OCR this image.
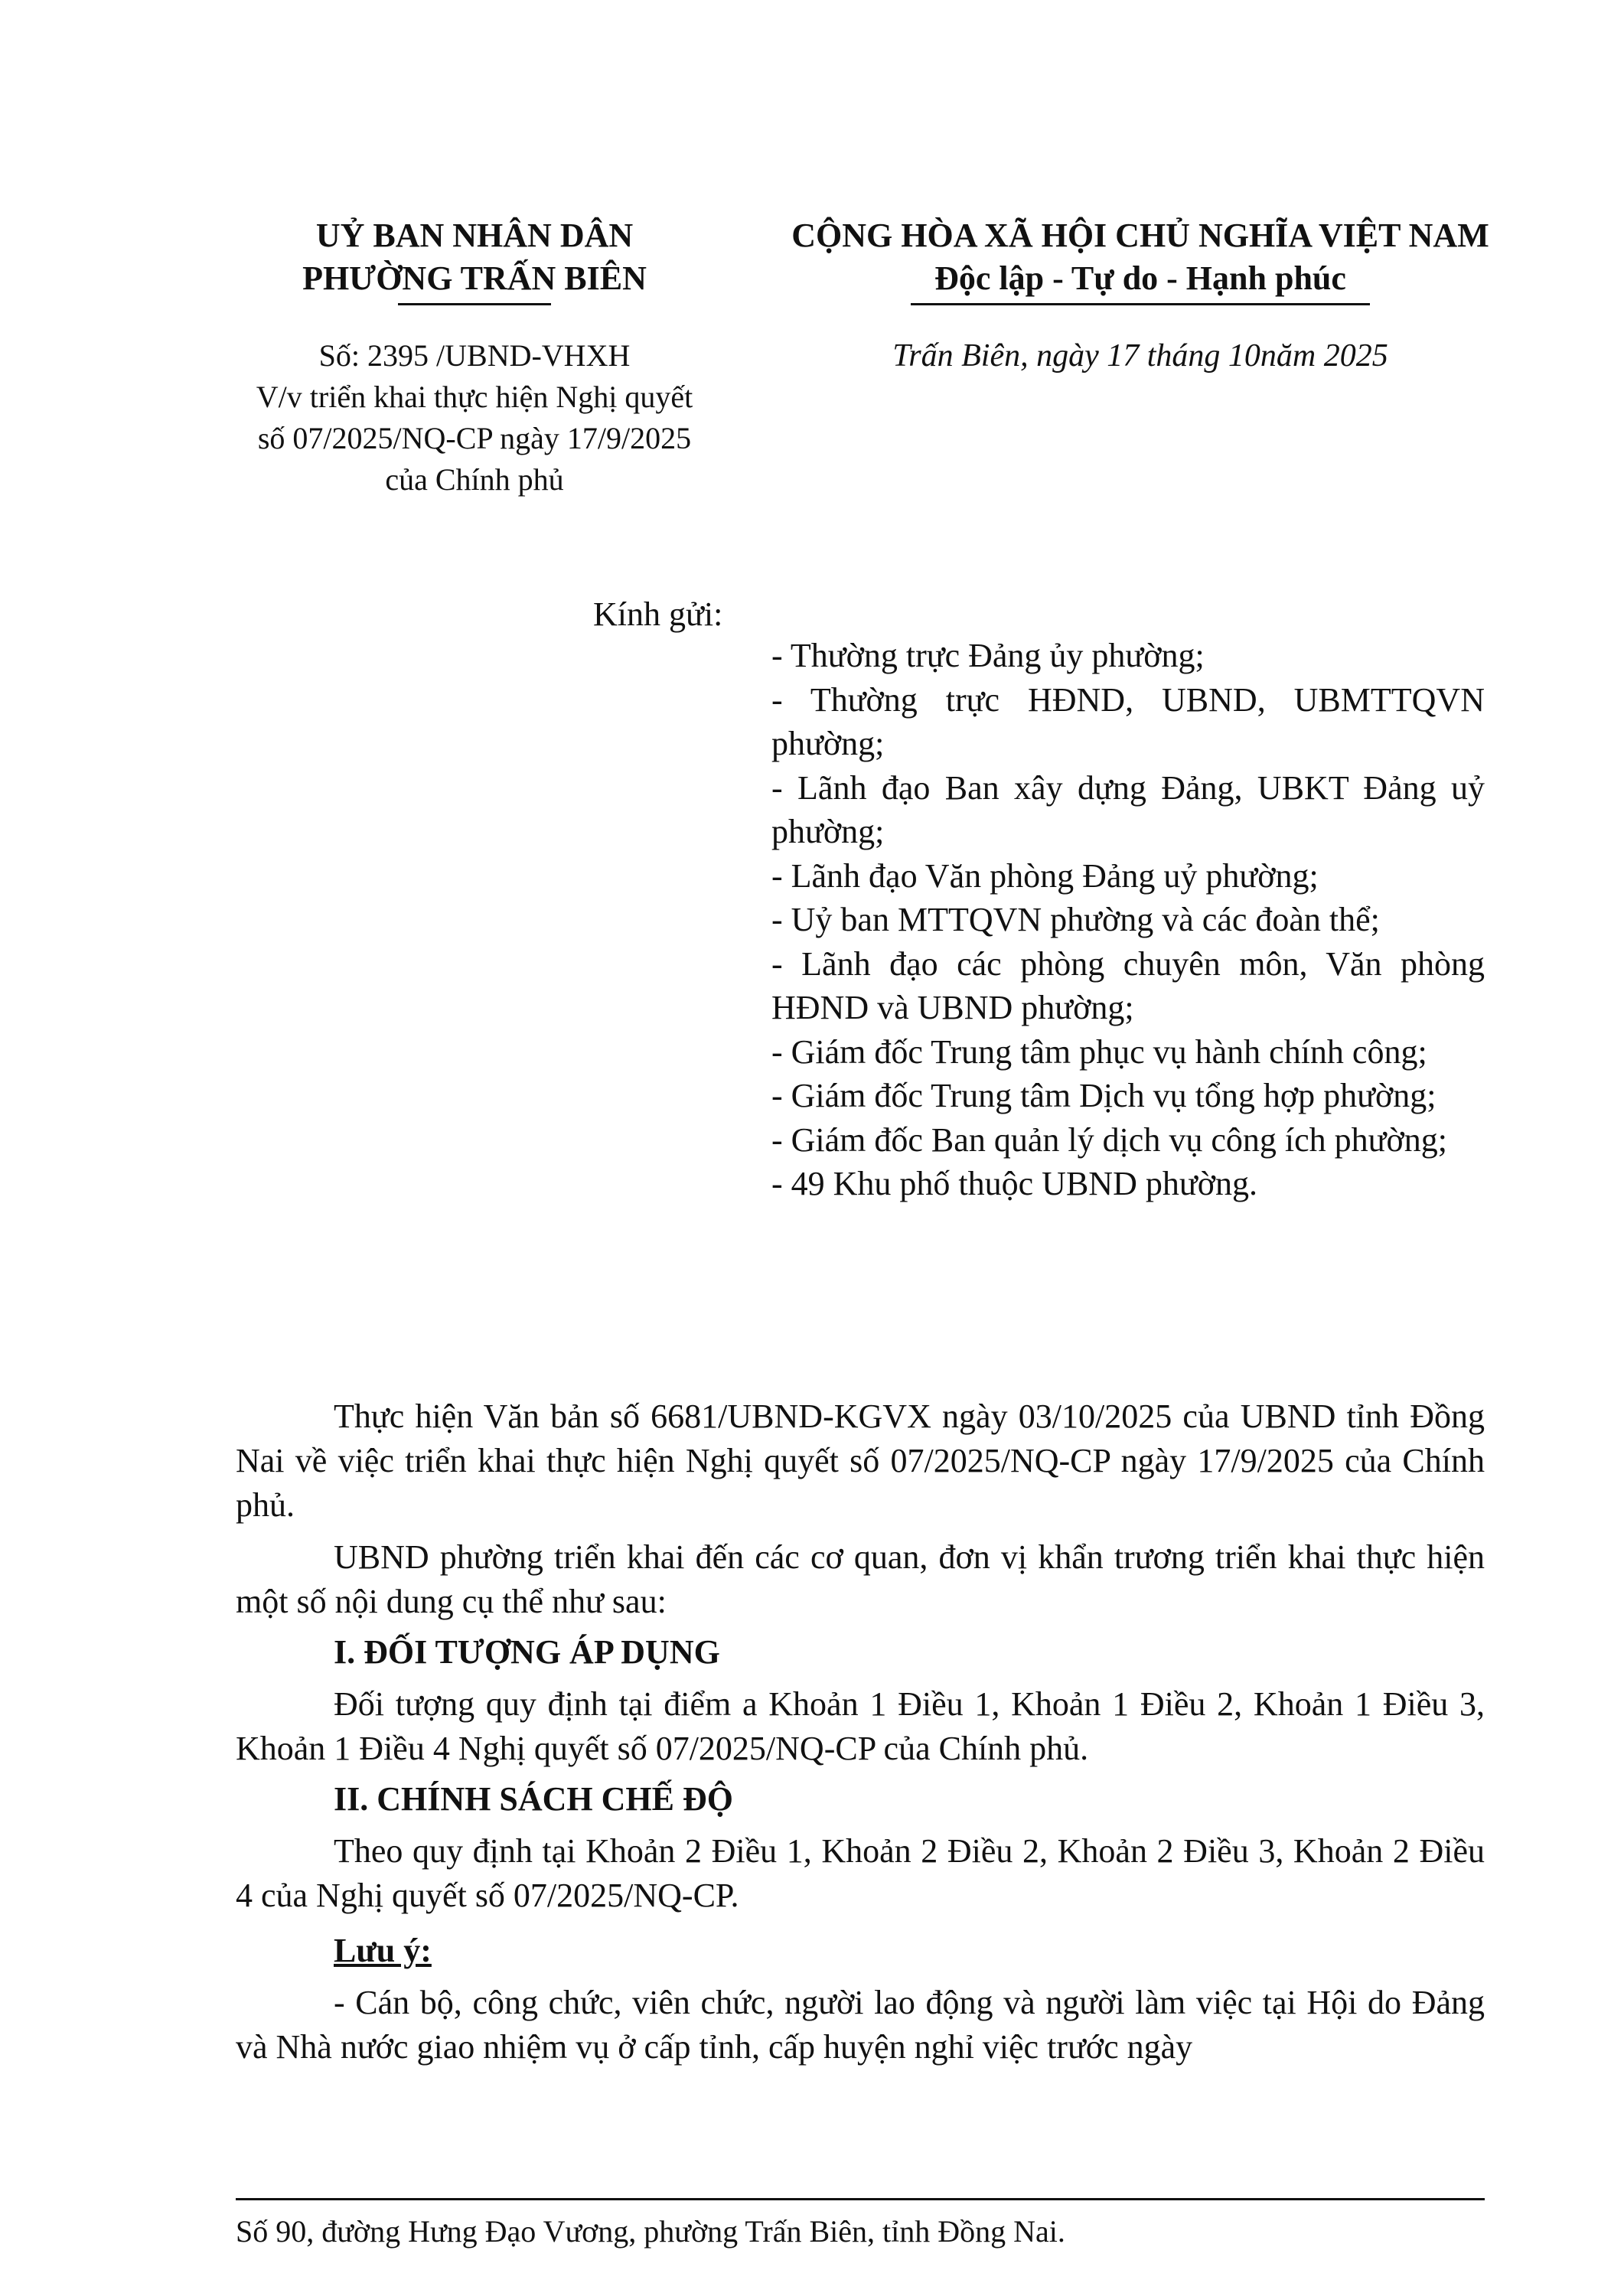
UỶ BAN NHÂN DÂN
PHƯỜNG TRẤN BIÊN
CỘNG HÒA XÃ HỘI CHỦ NGHĨA VIỆT NAM
Độc lập - Tự do - Hạnh phúc
Số: 2395 /UBND-VHXH
V/v triển khai thực hiện Nghị quyết
số 07/2025/NQ-CP ngày 17/9/2025
của Chính phủ
Trấn Biên, ngày 17 tháng 10năm 2025
Kính gửi:
- Thường trực Đảng ủy phường;
- Thường trực HĐND, UBND, UBMTTQVN phường;
- Lãnh đạo Ban xây dựng Đảng, UBKT Đảng uỷ phường;
- Lãnh đạo Văn phòng Đảng uỷ phường;
- Uỷ ban MTTQVN phường và các đoàn thể;
- Lãnh đạo các phòng chuyên môn, Văn phòng HĐND và UBND phường;
- Giám đốc Trung tâm phục vụ hành chính công;
- Giám đốc Trung tâm Dịch vụ tổng hợp phường;
- Giám đốc Ban quản lý dịch vụ công ích phường;
- 49 Khu phố thuộc UBND phường.

Thực hiện Văn bản số 6681/UBND-KGVX ngày 03/10/2025 của UBND tỉnh Đồng Nai về việc triển khai thực hiện Nghị quyết số 07/2025/NQ-CP ngày 17/9/2025 của Chính phủ.

UBND phường triển khai đến các cơ quan, đơn vị khẩn trương triển khai thực hiện một số nội dung cụ thể như sau:

I. ĐỐI TƯỢNG ÁP DỤNG

Đối tượng quy định tại điểm a Khoản 1 Điều 1, Khoản 1 Điều 2, Khoản 1 Điều 3, Khoản 1 Điều 4 Nghị quyết số 07/2025/NQ-CP của Chính phủ.

II. CHÍNH SÁCH CHẾ ĐỘ

Theo quy định tại Khoản 2 Điều 1, Khoản 2 Điều 2, Khoản 2 Điều 3, Khoản 2 Điều 4 của Nghị quyết số 07/2025/NQ-CP.

Lưu ý:

- Cán bộ, công chức, viên chức, người lao động và người làm việc tại Hội do Đảng và Nhà nước giao nhiệm vụ ở cấp tỉnh, cấp huyện nghỉ việc trước ngày

Số 90, đường Hưng Đạo Vương, phường Trấn Biên, tỉnh Đồng Nai.
